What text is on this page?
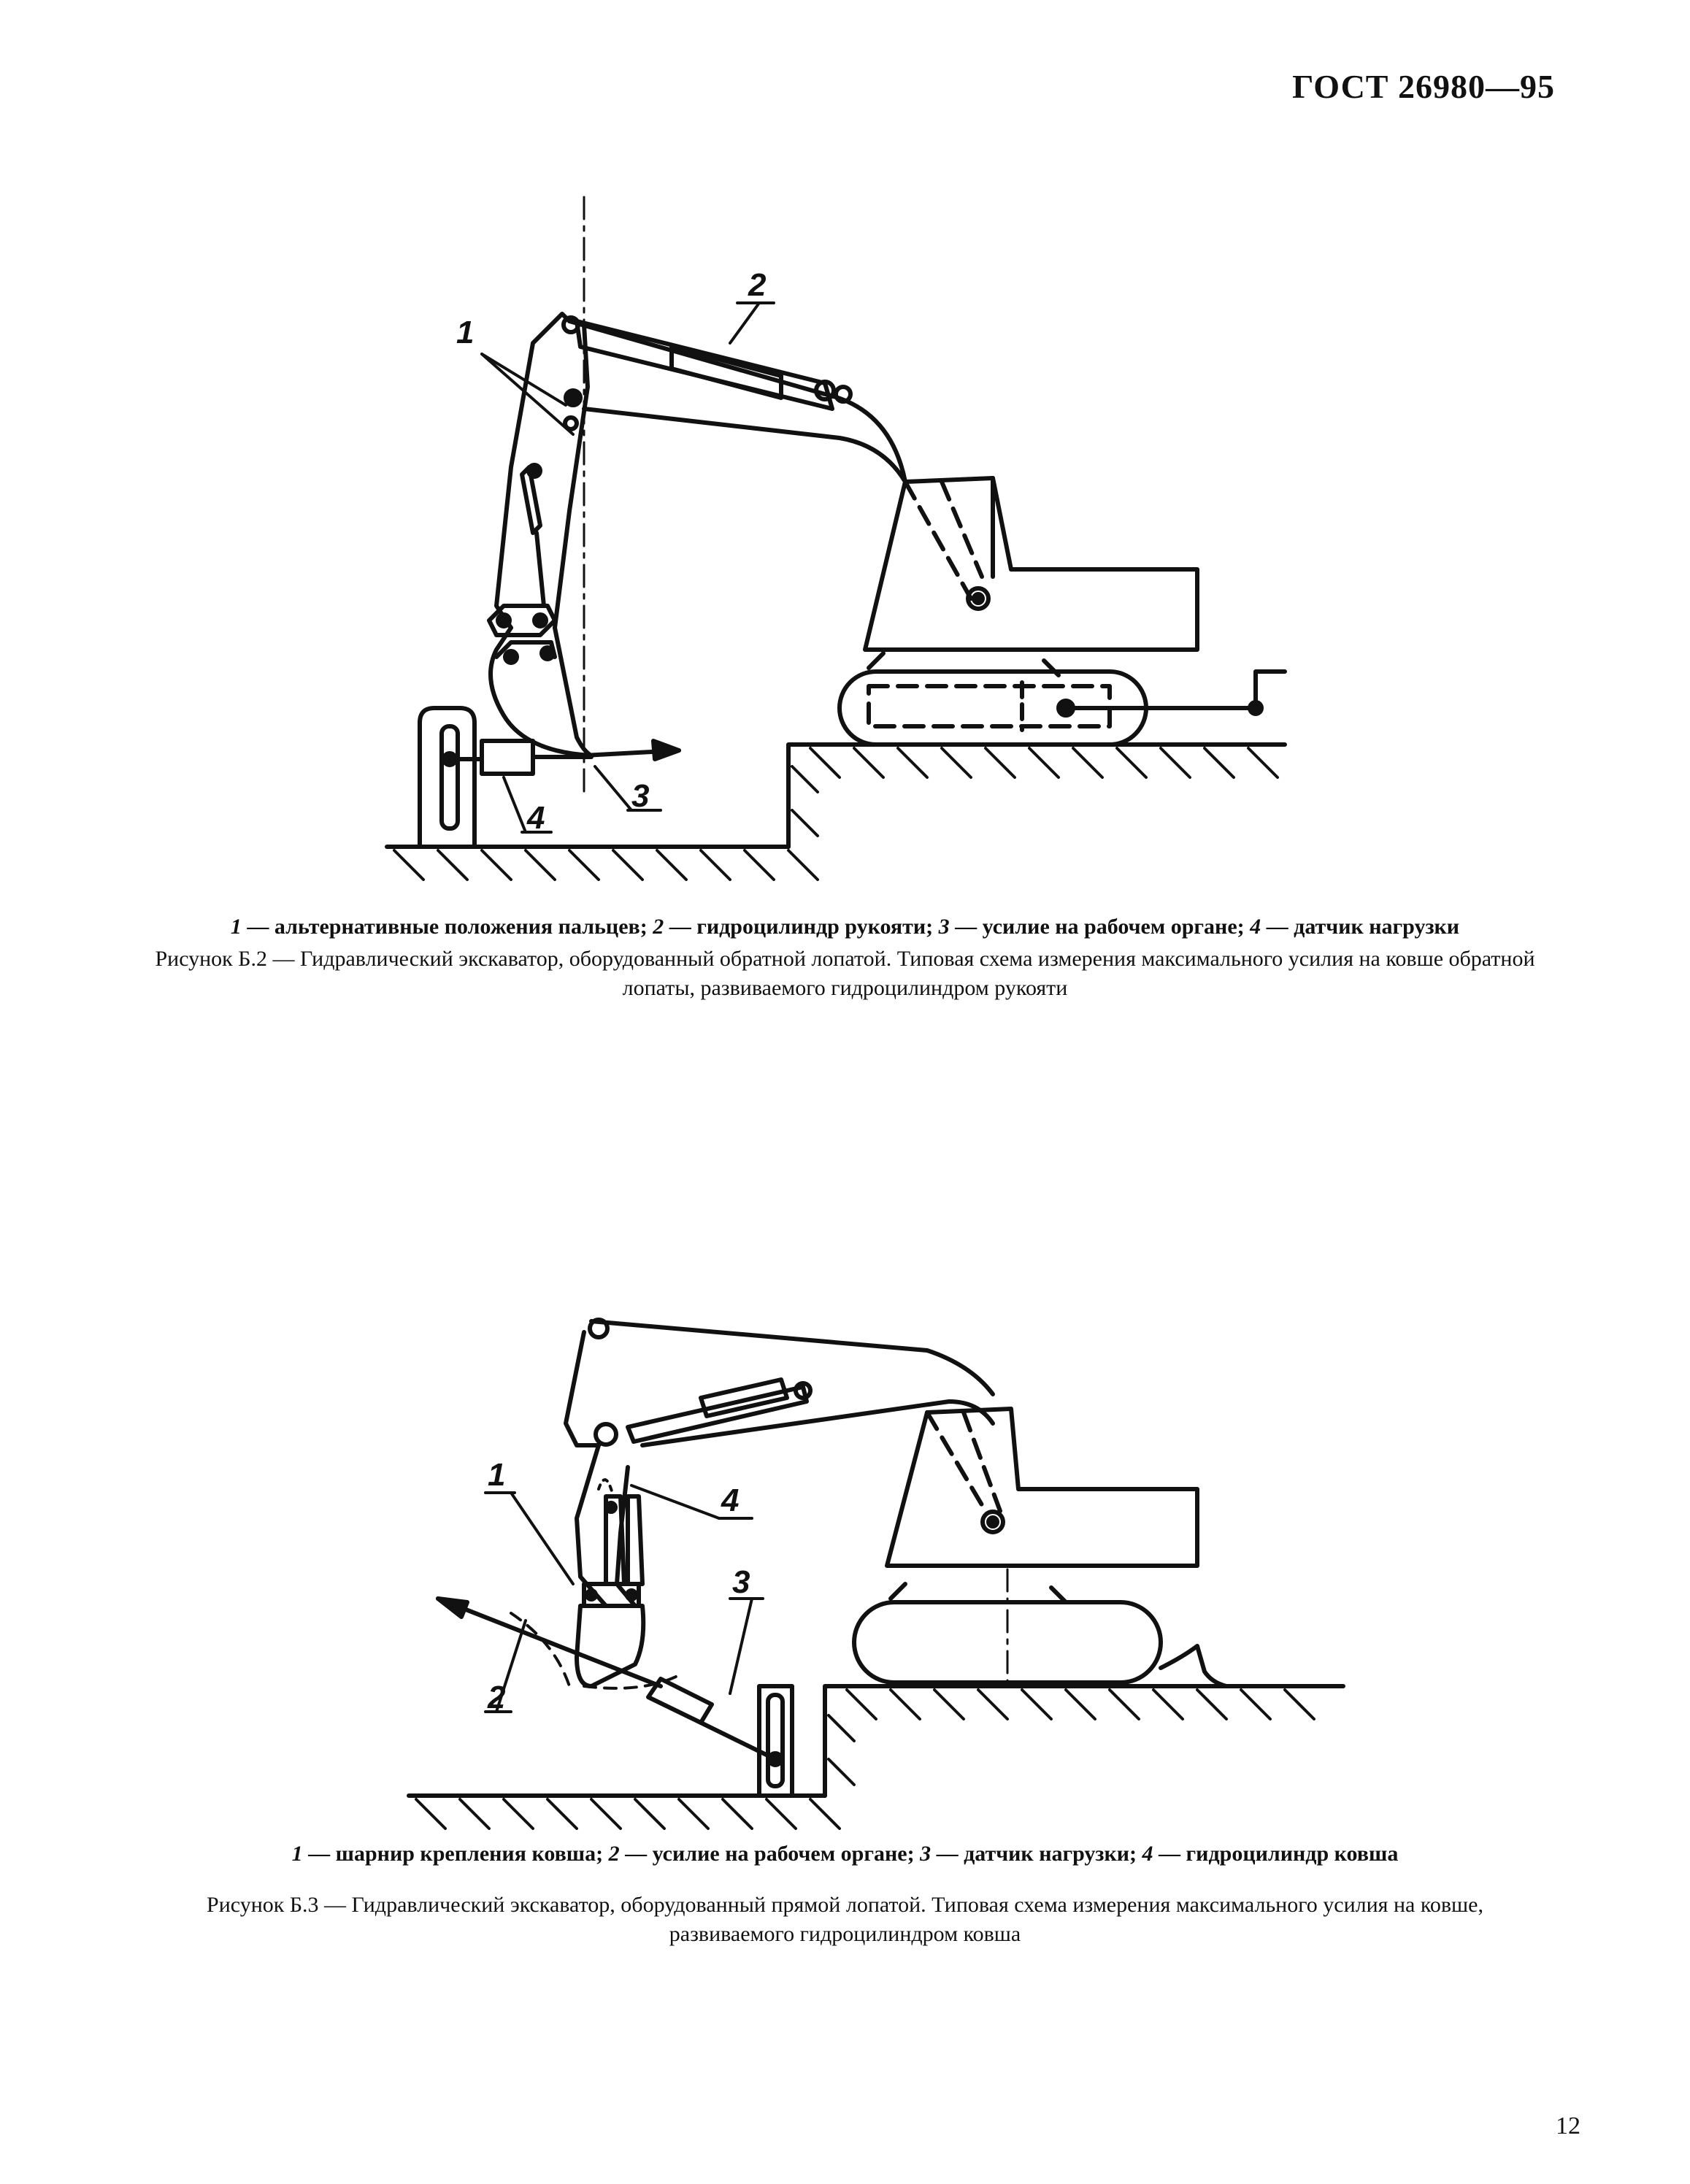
ГОСТ 26980—95
1
2
3
4
1 — альтернативные положения пальцев; 2 — гидроцилиндр рукояти; 3 — усилие на рабочем органе; 4 — датчик нагрузки
Рисунок Б.2 — Гидравлический экскаватор, оборудованный обратной лопатой. Типовая схема измерения максимального усилия на ковше обратной лопаты, развиваемого гидроцилиндром рукояти
1
2
3
4
1 — шарнир крепления ковша; 2 — усилие на рабочем органе; 3 — датчик нагрузки; 4 — гидроцилиндр ковша
Рисунок Б.3 — Гидравлический экскаватор, оборудованный прямой лопатой. Типовая схема измерения максимального усилия на ковше, развиваемого гидроцилиндром ковша
12
